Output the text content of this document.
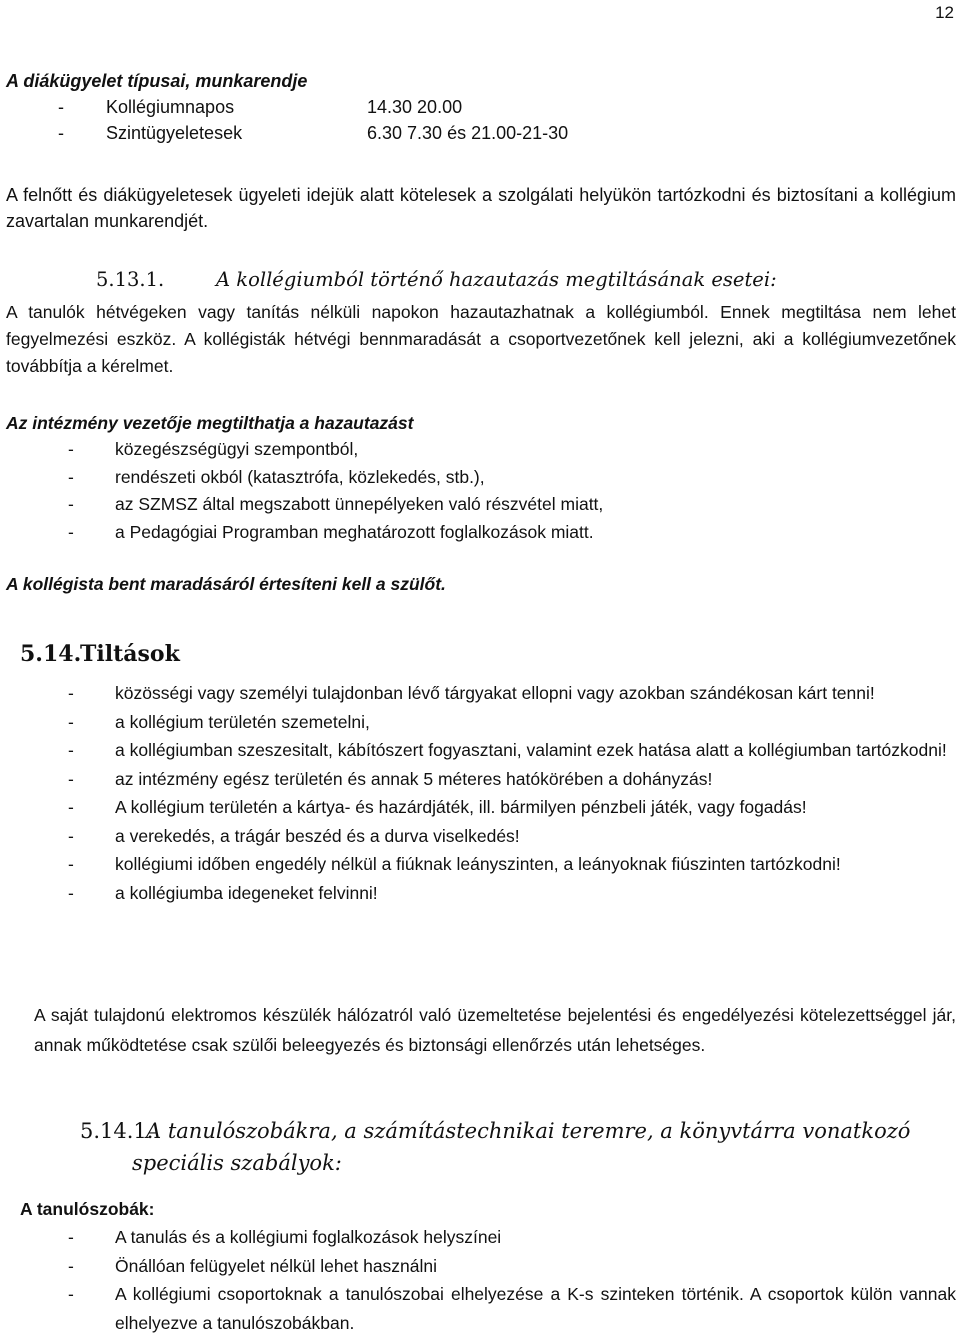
12
A diákügyelet típusai, munkarendje
- Kollégiumnapos	14.30 20.00
- Szintügyeletesek	6.30 7.30 és 21.00-21-30
A felnőtt és diákügyeletesek ügyeleti idejük alatt kötelesek a szolgálati helyükön tartózkodni és biztosítani a kollégium zavartalan munkarendjét.
5.13.1.	A kollégiumból történő hazautazás megtiltásának esetei:
A tanulók hétvégeken vagy tanítás nélküli napokon hazautazhatnak a kollégiumból. Ennek megtiltása nem lehet fegyelmezési eszköz. A kollégisták hétvégi bennmaradását a csoportvezetőnek kell jelezni, aki a kollégiumvezetőnek továbbítja a kérelmet.
Az intézmény vezetője megtilthatja a hazautazást
- közegészségügyi szempontból,
- rendészeti okból (katasztrófa, közlekedés, stb.),
- az SZMSZ által megszabott ünnepélyeken való részvétel miatt,
- a Pedagógiai Programban meghatározott foglalkozások miatt.
A kollégista bent maradásáról értesíteni kell a szülőt.
5.14.Tiltások
- közösségi vagy személyi tulajdonban lévő tárgyakat ellopni vagy azokban szándékosan kárt tenni!
- a kollégium területén szemetelni,
- a kollégiumban szeszesitalt, kábítószert fogyasztani, valamint ezek hatása alatt a kollégiumban tartózkodni!
- az intézmény egész területén és annak 5 méteres hatókörében a dohányzás!
- A kollégium területén a kártya- és hazárdjáték, ill. bármilyen pénzbeli játék, vagy fogadás!
- a verekedés, a trágár beszéd és a durva viselkedés!
- kollégiumi időben engedély nélkül a fiúknak leányszinten, a leányoknak fiúszinten tartózkodni!
- a kollégiumba idegeneket felvinni!
A saját tulajdonú elektromos készülék hálózatról való üzemeltetése bejelentési és engedélyezési kötelezettséggel jár, annak működtetése csak szülői beleegyezés és biztonsági ellenőrzés után lehetséges.
5.14.1.A tanulószobákra, a számítástechnikai teremre, a könyvtárra vonatkozó
speciális szabályok:
A tanulószobák:
- A tanulás és a kollégiumi foglalkozások helyszínei
- Önállóan felügyelet nélkül lehet használni
- A kollégiumi csoportoknak a tanulószobai elhelyezése a K-s szinteken történik. A csoportok külön vannak elhelyezve a tanulószobákban.
